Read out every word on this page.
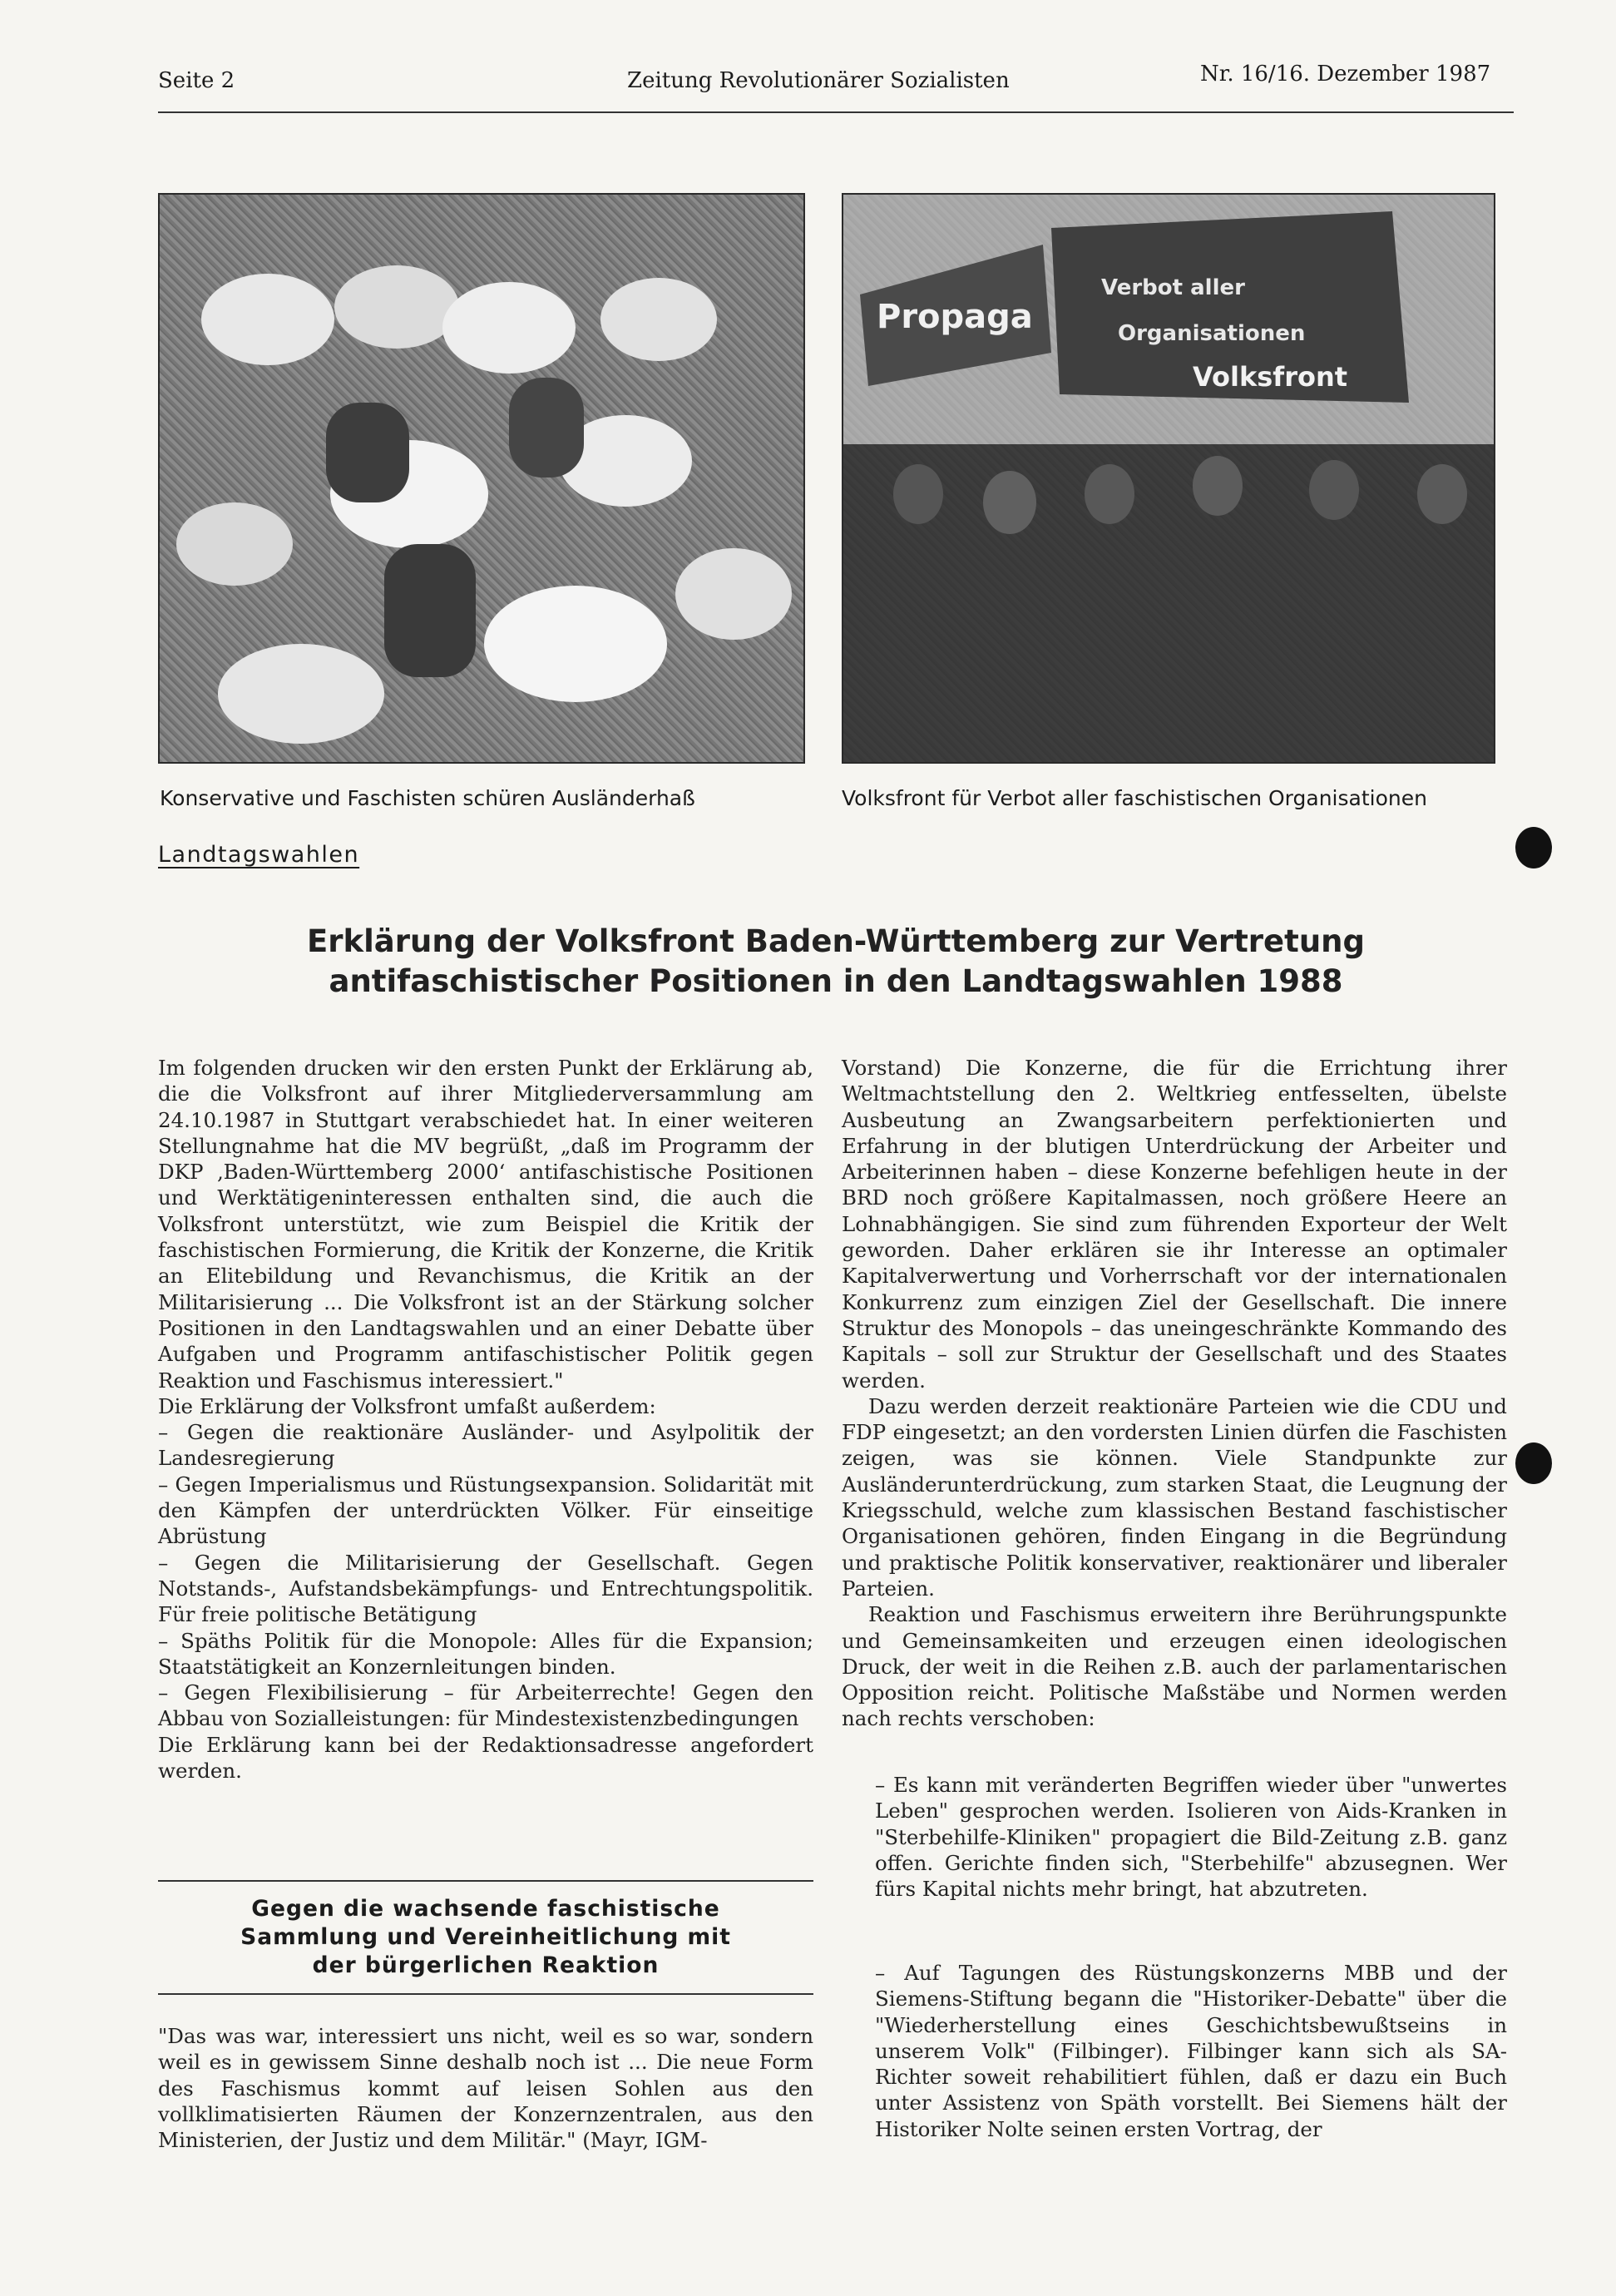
Seite 2	Zeitung Revolutionärer Sozialisten	Nr. 16/16. Dezember 1987
Propaga
Verbot aller
Organisationen
Volksfront
Konservative und Faschisten schüren Ausländerhaß	Volksfront für Verbot aller faschistischen Organisationen
Landtagswahlen
Erklärung der Volksfront Baden-Württemberg zur Vertretung
antifaschistischer Positionen in den Landtagswahlen 1988

Im folgenden drucken wir den ersten Punkt der Erklärung ab, die die Volksfront auf ihrer Mitgliederversammlung am 24.10.1987 in Stuttgart verabschiedet hat. In einer weiteren Stellungnahme hat die MV begrüßt, „daß im Programm der DKP ‚Baden-Württemberg 2000‘ antifaschistische Positionen und Werktätigeninteressen enthalten sind, die auch die Volksfront unterstützt, wie zum Beispiel die Kritik der faschistischen Formierung, die Kritik der Konzerne, die Kritik an Elitebildung und Revanchismus, die Kritik an der Militarisierung ... Die Volksfront ist an der Stärkung solcher Positionen in den Landtagswahlen und an einer Debatte über Aufgaben und Programm antifaschistischer Politik gegen Reaktion und Faschismus interessiert."

Die Erklärung der Volksfront umfaßt außerdem:

– Gegen die reaktionäre Ausländer- und Asylpolitik der Landesregierung

– Gegen Imperialismus und Rüstungsexpansion. Solidarität mit den Kämpfen der unterdrückten Völker. Für einseitige Abrüstung

– Gegen die Militarisierung der Gesellschaft. Gegen Notstands-, Aufstandsbekämpfungs- und Entrechtungspolitik. Für freie politische Betätigung

– Späths Politik für die Monopole: Alles für die Expansion; Staatstätigkeit an Konzernleitungen binden.

– Gegen Flexibilisierung – für Arbeiterrechte! Gegen den Abbau von Sozialleistungen: für Mindestexistenzbedingungen

Die Erklärung kann bei der Redaktionsadresse angefordert werden.

Gegen die wachsende faschistische
Sammlung und Vereinheitlichung mit
der bürgerlichen Reaktion
"Das was war, interessiert uns nicht, weil es so war, sondern weil es in gewissem Sinne deshalb noch ist ... Die neue Form des Faschismus kommt auf leisen Sohlen aus den vollklimatisierten Räumen der Konzernzentralen, aus den Ministerien, der Justiz und dem Militär." (Mayr, IGM-

Vorstand) Die Konzerne, die für die Errichtung ihrer Weltmachtstellung den 2. Weltkrieg entfesselten, übelste Ausbeutung an Zwangsarbeitern perfektionierten und Erfahrung in der blutigen Unterdrückung der Arbeiter und Arbeiterinnen haben – diese Konzerne befehligen heute in der BRD noch größere Kapitalmassen, noch größere Heere an Lohnabhängigen. Sie sind zum führenden Exporteur der Welt geworden. Daher erklären sie ihr Interesse an optimaler Kapitalverwertung und Vorherrschaft vor der internationalen Konkurrenz zum einzigen Ziel der Gesellschaft. Die innere Struktur des Monopols – das uneingeschränkte Kommando des Kapitals – soll zur Struktur der Gesellschaft und des Staates werden.

Dazu werden derzeit reaktionäre Parteien wie die CDU und FDP eingesetzt; an den vordersten Linien dürfen die Faschisten zeigen, was sie können. Viele Standpunkte zur Ausländerunterdrückung, zum starken Staat, die Leugnung der Kriegsschuld, welche zum klassischen Bestand faschistischer Organisationen gehören, finden Eingang in die Begründung und praktische Politik konservativer, reaktionärer und liberaler Parteien.

Reaktion und Faschismus erweitern ihre Berührungspunkte und Gemeinsamkeiten und erzeugen einen ideologischen Druck, der weit in die Reihen z.B. auch der parlamentarischen Opposition reicht. Politische Maßstäbe und Normen werden nach rechts verschoben:

– Es kann mit veränderten Begriffen wieder über "unwertes Leben" gesprochen werden. Isolieren von Aids-Kranken in "Sterbehilfe-Kliniken" propagiert die Bild-Zeitung z.B. ganz offen. Gerichte finden sich, "Sterbehilfe" abzusegnen. Wer fürs Kapital nichts mehr bringt, hat abzutreten.
– Auf Tagungen des Rüstungskonzerns MBB und der Siemens-Stiftung begann die "Historiker-Debatte" über die "Wiederherstellung eines Geschichtsbewußtseins in unserem Volk" (Filbinger). Filbinger kann sich als SA-Richter soweit rehabilitiert fühlen, daß er dazu ein Buch unter Assistenz von Späth vorstellt. Bei Siemens hält der Historiker Nolte seinen ersten Vortrag, der
